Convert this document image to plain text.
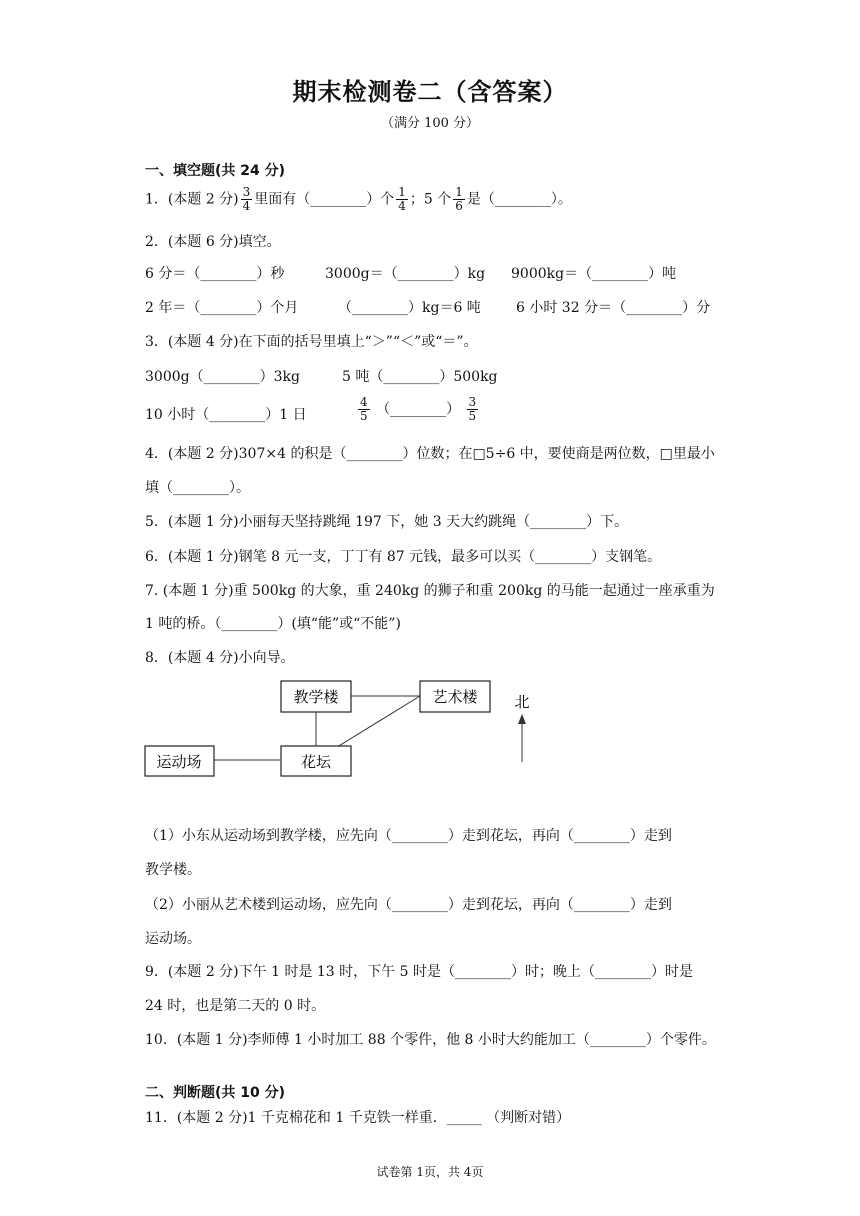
期末检测卷二（含答案）
（满分 100 分）
一、填空题(共 24 分)
1．(本题 2 分) $\frac{3}{4}$ 里面有（________）个 $\frac{1}{4}$ ；5 个 $\frac{1}{6}$ 是（________）。
2．(本题 6 分)填空。
6 分＝（________）秒	3000g＝（________）kg 9000kg＝（________）吨
2 年＝（________）个月	（________）kg＝6 吨	6 小时 32 分＝（________）分
3．(本题 4 分)在下面的括号里填上“＞”“＜”或“＝”。
3000g（________）3kg	5 吨（________）500kg
10 小时（________）1 日	$\frac{4}{5}$ （________） $\frac{3}{5}$
4．(本题 2 分)307×4 的积是（________）位数；在□5÷6 中，要使商是两位数，□里最小
填（________）。
5．(本题 1 分)小丽每天坚持跳绳 197 下，她 3 天大约跳绳（________）下。
6．(本题 1 分)钢笔 8 元一支，丁丁有 87 元钱，最多可以买（________）支钢笔。
7. (本题 1 分)重 500kg 的大象，重 240kg 的狮子和重 200kg 的马能一起通过一座承重为
1 吨的桥。（________）(填“能”或“不能”)
8．(本题 4 分)小向导。
教学楼	艺术楼
运动场	花坛
北
（1）小东从运动场到教学楼，应先向（________）走到花坛，再向（________）走到
教学楼。
（2）小丽从艺术楼到运动场，应先向（________）走到花坛，再向（________）走到
运动场。
9．(本题 2 分)下午 1 时是 13 时，下午 5 时是（________）时；晚上（________）时是
24 时，也是第二天的 0 时。
10．(本题 1 分)李师傅 1 小时加工 88 个零件，他 8 小时大约能加工（________）个零件。
二、判断题(共 10 分)
11．(本题 2 分)1 千克棉花和 1 千克铁一样重．_____ （判断对错）
试卷第 1页，共 4页
